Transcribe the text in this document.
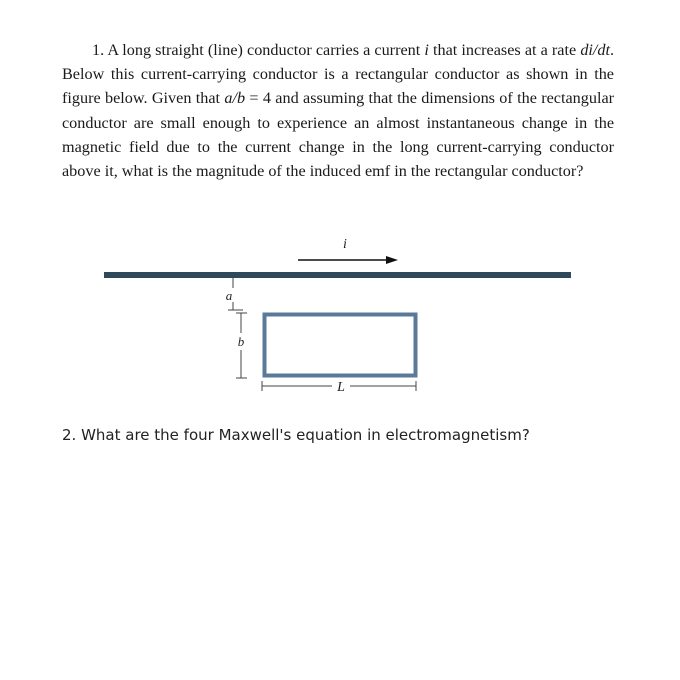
1. A long straight (line) conductor carries a current i that increases at a rate di/dt. Below this current-carrying conductor is a rectangular conductor as shown in the figure below. Given that a/b = 4 and assuming that the dimensions of the rectangular conductor are small enough to experience an almost instantaneous change in the magnetic field due to the current change in the long current-carrying conductor above it, what is the magnitude of the induced emf in the rectangular conductor?

i
a
b
L

2. What are the four Maxwell's equation in electromagnetism?
